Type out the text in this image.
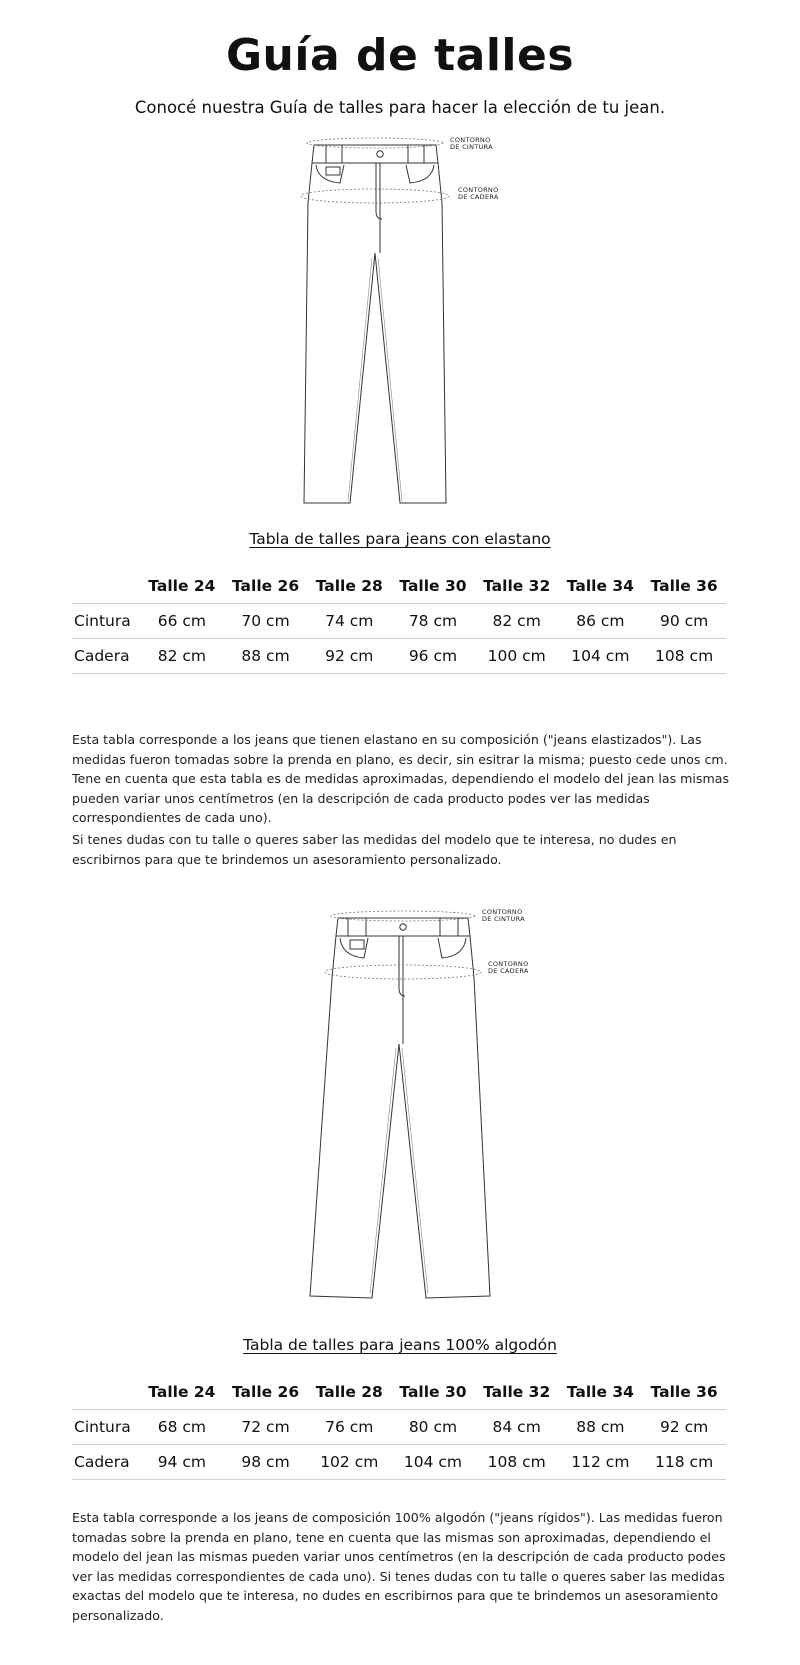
Guía de talles

Conocé nuestra Guía de talles para hacer la elección de tu jean.

CONTORNO
DE CINTURA
CONTORNO
DE CADERA
Tabla de talles para jeans con elastano
	Talle 24	Talle 26	Talle 28	Talle 30	Talle 32	Talle 34	Talle 36
Cintura	66 cm	70 cm	74 cm	78 cm	82 cm	86 cm	90 cm
Cadera	82 cm	88 cm	92 cm	96 cm	100 cm	104 cm	108 cm

Esta tabla corresponde a los jeans que tienen elastano en su composición ("jeans elastizados"). Las medidas fueron tomadas sobre la prenda en plano, es decir, sin esitrar la misma; puesto cede unos cm. Tene en cuenta que esta tabla es de medidas aproximadas, dependiendo el modelo del jean las mismas pueden variar unos centímetros (en la descripción de cada producto podes ver las medidas correspondientes de cada uno).

Si tenes dudas con tu talle o queres saber las medidas del modelo que te interesa, no dudes en escribirnos para que te brindemos un asesoramiento personalizado.

CONTORNO
DE CINTURA
CONTORNO
DE CADERA
Tabla de talles para jeans 100% algodón
	Talle 24	Talle 26	Talle 28	Talle 30	Talle 32	Talle 34	Talle 36
Cintura	68 cm	72 cm	76 cm	80 cm	84 cm	88 cm	92 cm
Cadera	94 cm	98 cm	102 cm	104 cm	108 cm	112 cm	118 cm

Esta tabla corresponde a los jeans de composición 100% algodón ("jeans rígidos"). Las medidas fueron tomadas sobre la prenda en plano, tene en cuenta que las mismas son aproximadas, dependiendo el modelo del jean las mismas pueden variar unos centímetros (en la descripción de cada producto podes ver las medidas correspondientes de cada uno). Si tenes dudas con tu talle o queres saber las medidas exactas del modelo que te interesa, no dudes en escribirnos para que te brindemos un asesoramiento personalizado.
